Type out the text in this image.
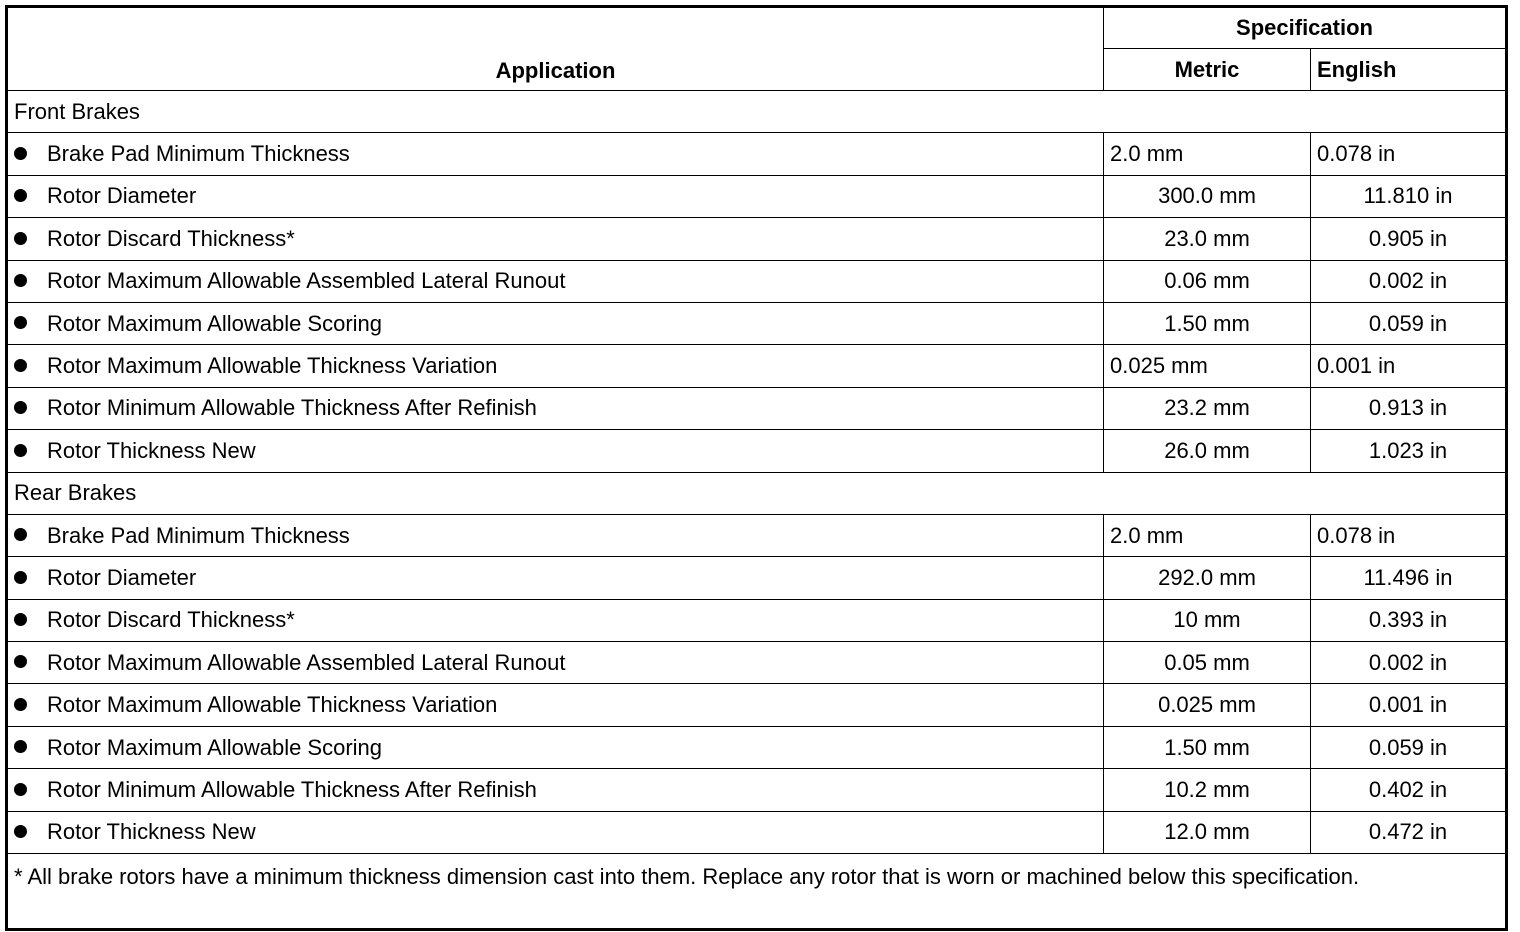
Application	Specification	
	Metric	English
Front Brakes		
Brake Pad Minimum Thickness	2.0 mm	0.078 in
Rotor Diameter	300.0 mm	11.810 in
Rotor Discard Thickness*	23.0 mm	0.905 in
Rotor Maximum Allowable Assembled Lateral Runout	0.06 mm	0.002 in
Rotor Maximum Allowable Scoring	1.50 mm	0.059 in
Rotor Maximum Allowable Thickness Variation	0.025 mm	0.001 in
Rotor Minimum Allowable Thickness After Refinish	23.2 mm	0.913 in
Rotor Thickness New	26.0 mm	1.023 in
Rear Brakes		
Brake Pad Minimum Thickness	2.0 mm	0.078 in
Rotor Diameter	292.0 mm	11.496 in
Rotor Discard Thickness*	10 mm	0.393 in
Rotor Maximum Allowable Assembled Lateral Runout	0.05 mm	0.002 in
Rotor Maximum Allowable Thickness Variation	0.025 mm	0.001 in
Rotor Maximum Allowable Scoring	1.50 mm	0.059 in
Rotor Minimum Allowable Thickness After Refinish	10.2 mm	0.402 in
Rotor Thickness New	12.0 mm	0.472 in
* All brake rotors have a minimum thickness dimension cast into them. Replace any rotor that is worn or machined below this specification.		
